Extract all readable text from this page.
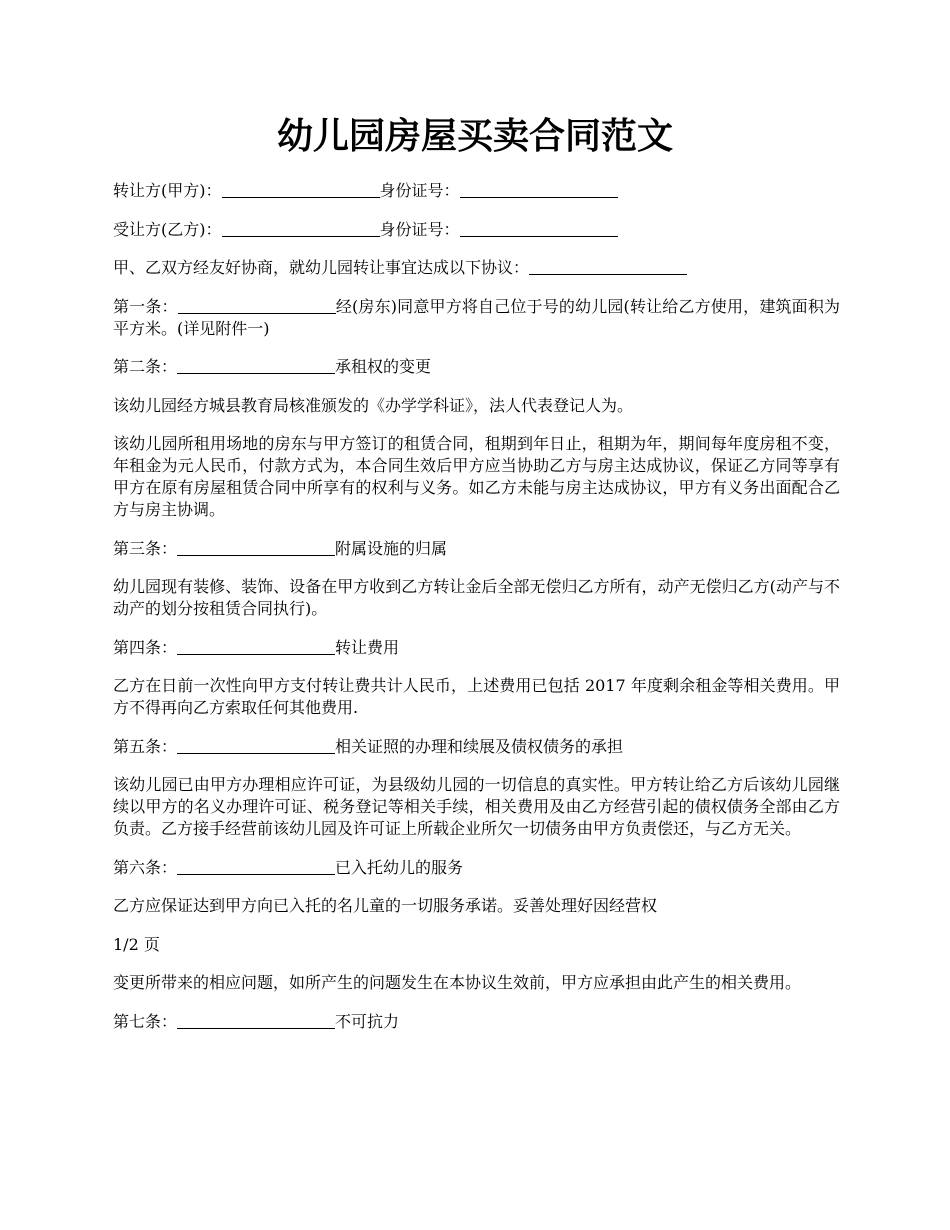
幼儿园房屋买卖合同范文

转让方(甲方)：	身份证号：

受让方(乙方)：	身份证号：

甲、乙双方经友好协商，就幼儿园转让事宜达成以下协议：

第一条：	经(房东)同意甲方将自己位于号的幼儿园(转让给乙方使用，建筑面积为平方米。(详见附件一)

第二条：	承租权的变更

该幼儿园经方城县教育局核准颁发的《办学学科证》，法人代表登记人为。

该幼儿园所租用场地的房东与甲方签订的租赁合同，租期到年日止，租期为年，期间每年度房租不变，年租金为元人民币，付款方式为，本合同生效后甲方应当协助乙方与房主达成协议，保证乙方同等享有甲方在原有房屋租赁合同中所享有的权利与义务。如乙方未能与房主达成协议，甲方有义务出面配合乙方与房主协调。

第三条：	附属设施的归属

幼儿园现有装修、装饰、设备在甲方收到乙方转让金后全部无偿归乙方所有，动产无偿归乙方(动产与不动产的划分按租赁合同执行)。

第四条：	转让费用

乙方在日前一次性向甲方支付转让费共计人民币，上述费用已包括 2017 年度剩余租金等相关费用。甲方不得再向乙方索取任何其他费用.

第五条：	相关证照的办理和续展及债权债务的承担

该幼儿园已由甲方办理相应许可证，为县级幼儿园的一切信息的真实性。甲方转让给乙方后该幼儿园继续以甲方的名义办理许可证、税务登记等相关手续，相关费用及由乙方经营引起的债权债务全部由乙方负责。乙方接手经营前该幼儿园及许可证上所载企业所欠一切债务由甲方负责偿还，与乙方无关。

第六条：	已入托幼儿的服务

乙方应保证达到甲方向已入托的名儿童的一切服务承诺。妥善处理好因经营权

1/2 页

变更所带来的相应问题，如所产生的问题发生在本协议生效前，甲方应承担由此产生的相关费用。

第七条：	不可抗力
